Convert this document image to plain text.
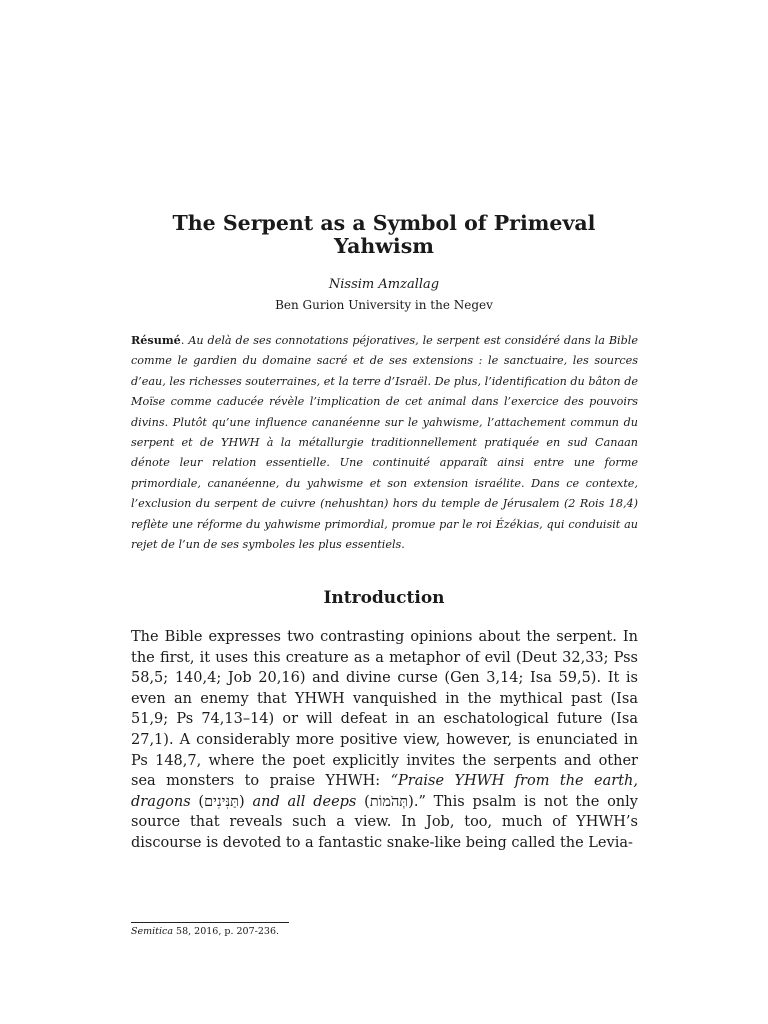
The Serpent as a Symbol of Primeval
Yahwism
Nissim Amzallag
Ben Gurion University in the Negev
Résumé. Au delà de ses connotations péjoratives, le serpent est considéré dans la Bible comme le gardien du domaine sacré et de ses extensions : le sanctuaire, les sources d’eau, les richesses souterraines, et la terre d’Israël. De plus, l’identification du bâton de Moïse comme caducée révèle l’implication de cet animal dans l’exercice des pouvoirs divins. Plutôt qu’une influence cananéenne sur le yahwisme, l’attachement commun du serpent et de YHWH à la métallurgie traditionnellement pratiquée en sud Canaan dénote leur relation essentielle. Une continuité apparaît ainsi entre une forme primordiale, cananéenne, du yahwisme et son extension israélite. Dans ce contexte, l’exclusion du serpent de cuivre (nehushtan) hors du temple de Jérusalem (2 Rois 18,4) reflète une réforme du yahwisme primordial, promue par le roi Ézékias, qui conduisit au rejet de l’un de ses symboles les plus essentiels.
Introduction

The Bible expresses two contrasting opinions about the serpent. In the first, it uses this creature as a metaphor of evil (Deut 32,33; Pss 58,5; 140,4; Job 20,16) and divine curse (Gen 3,14; Isa 59,5). It is even an enemy that YHWH vanquished in the mythical past (Isa 51,9; Ps 74,13–14) or will defeat in an eschatological future (Isa 27,1). A considerably more positive view, however, is enunciated in Ps 148,7, where the poet explicitly invites the serpents and other sea monsters to praise YHWH: “Praise YHWH from the earth, dragons (תַּנִּינִים) and all deeps (תְּהֹמוֹת).” This psalm is not the only source that reveals such a view. In Job, too, much of YHWH’s discourse is devoted to a fantastic snake-like being called the Levia-

Semitica 58, 2016, p. 207-236.
